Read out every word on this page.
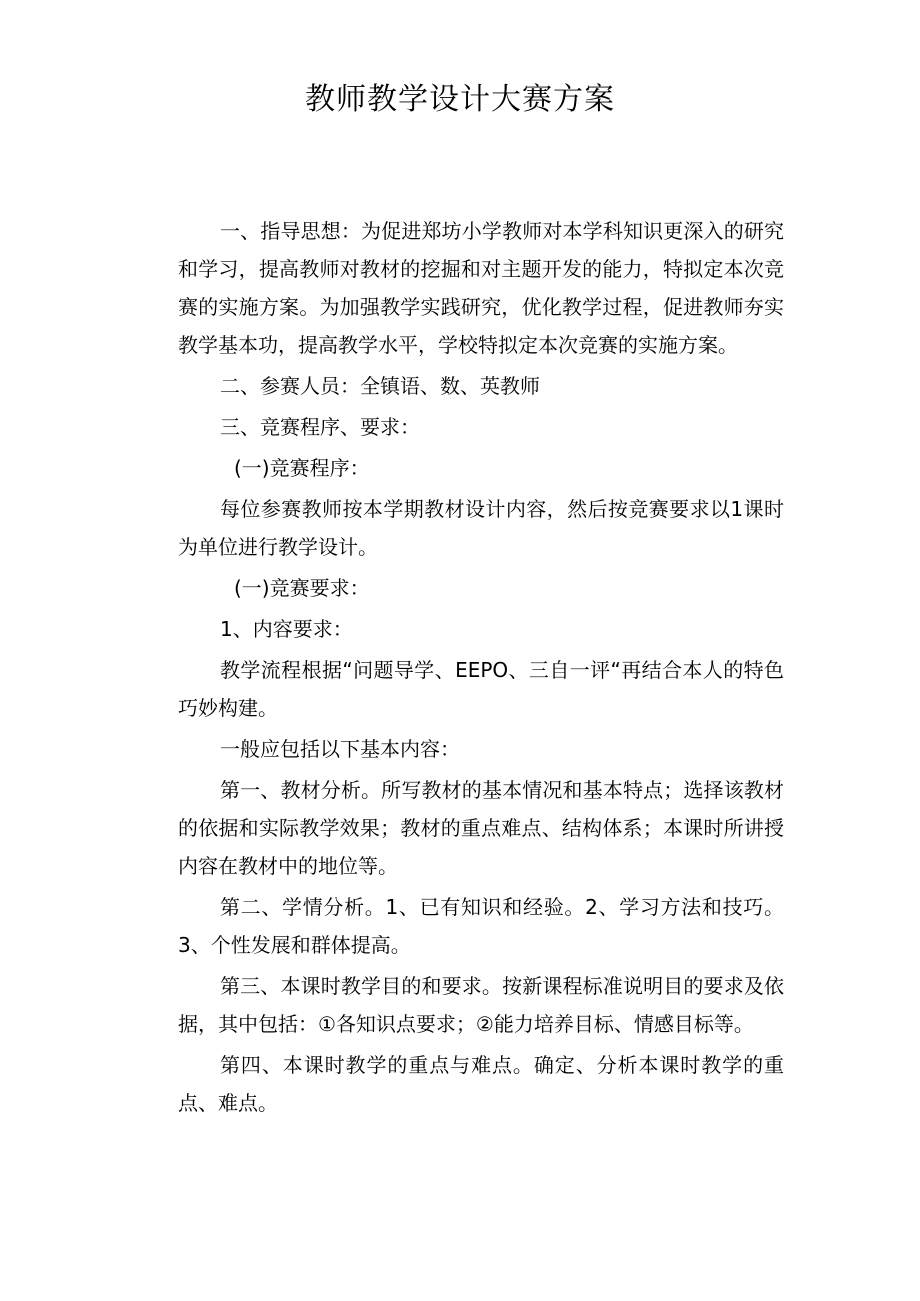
教师教学设计大赛方案

一、指导思想：为促进郑坊小学教师对本学科知识更深入的研究和学习，提高教师对教材的挖掘和对主题开发的能力，特拟定本次竞赛的实施方案。为加强教学实践研究，优化教学过程，促进教师夯实教学基本功，提高教学水平，学校特拟定本次竞赛的实施方案。

二、参赛人员：全镇语、数、英教师

三、竞赛程序、要求：

(一)竞赛程序：

每位参赛教师按本学期教材设计内容，然后按竞赛要求以1课时为单位进行教学设计。

(一)竞赛要求：

1、内容要求：

教学流程根据“问题导学、EEPO、三自一评“再结合本人的特色巧妙构建。

一般应包括以下基本内容：

第一、教材分析。所写教材的基本情况和基本特点；选择该教材的依据和实际教学效果；教材的重点难点、结构体系；本课时所讲授内容在教材中的地位等。

第二、学情分析。1、已有知识和经验。2、学习方法和技巧。3、个性发展和群体提高。

第三、本课时教学目的和要求。按新课程标准说明目的要求及依据，其中包括：①各知识点要求；②能力培养目标、情感目标等。

第四、本课时教学的重点与难点。确定、分析本课时教学的重点、难点。
